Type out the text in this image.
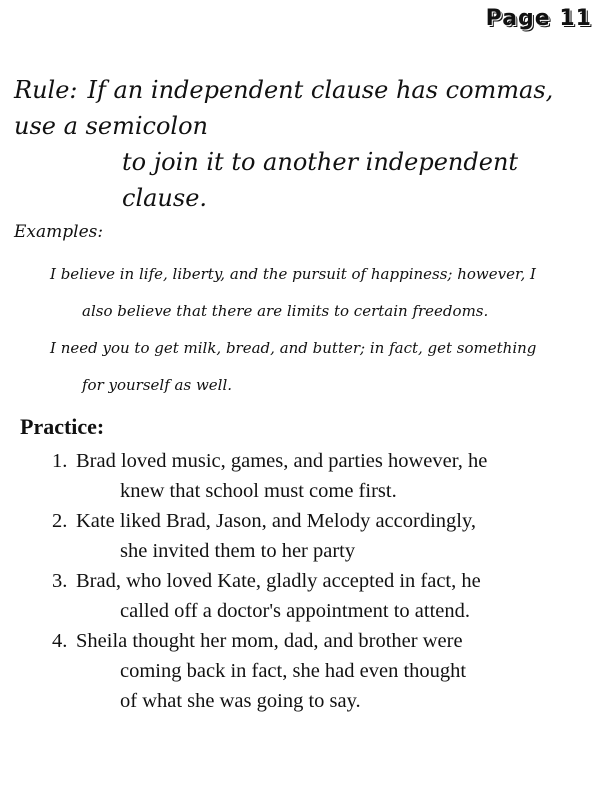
Page 11
Rule: If an independent clause has commas, use a semicolon
to join it to another independent clause.
Examples:
I believe in life, liberty, and the pursuit of happiness; however, I
also believe that there are limits to certain freedoms.
I need you to get milk, bread, and butter; in fact, get something
for yourself as well.
Practice:
1. Brad loved music, games, and parties however, he
knew that school must come first.
2. Kate liked Brad, Jason, and Melody accordingly,
she invited them to her party
3. Brad, who loved Kate, gladly accepted in fact, he
called off a doctor's appointment to attend.
4. Sheila thought her mom, dad, and brother were
coming back in fact, she had even thought
of what she was going to say.
